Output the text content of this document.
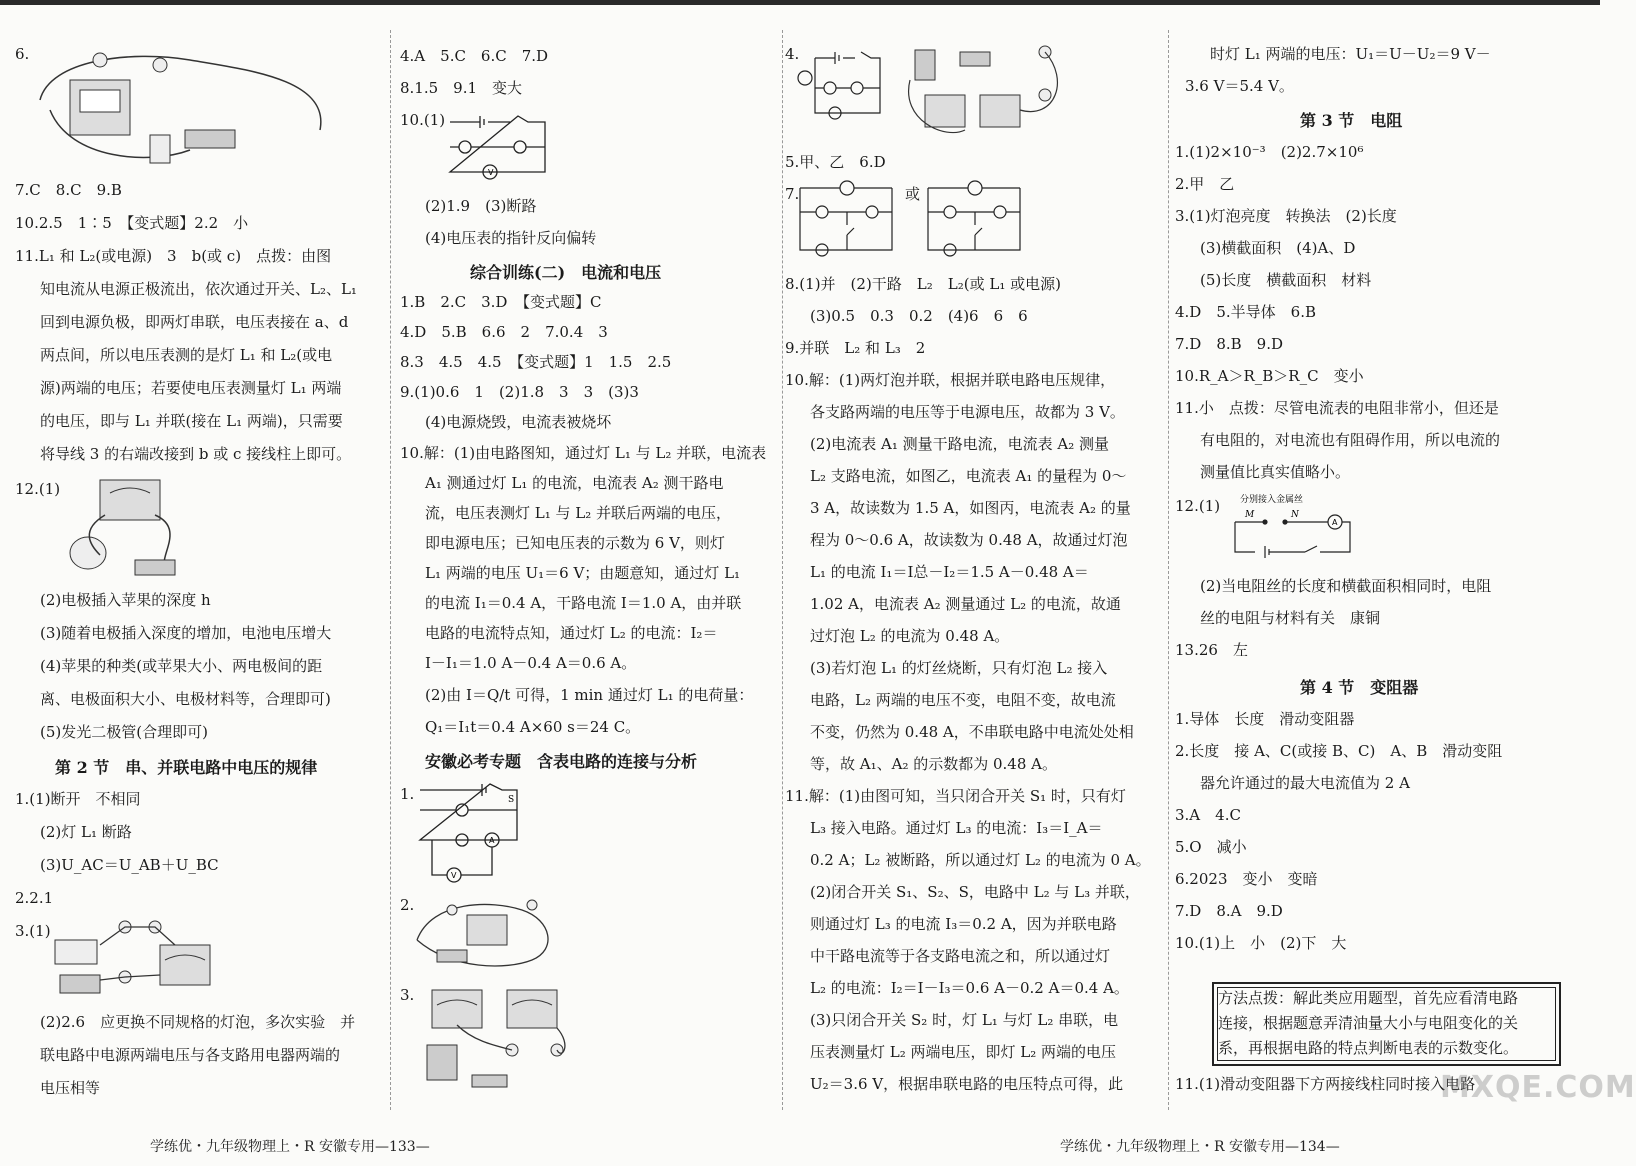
6.
7.C　8.C　9.B
10.2.5　1∶5　【变式题】2.2　小
11.L₁ 和 L₂(或电源)　3　b(或 c)　点拨：由图
知电流从电源正极流出，依次通过开关、L₂、L₁
回到电源负极，即两灯串联，电压表接在 a、d
两点间，所以电压表测的是灯 L₁ 和 L₂(或电
源)两端的电压；若要使电压表测量灯 L₁ 两端
的电压，即与 L₁ 并联(接在 L₁ 两端)，只需要
将导线 3 的右端改接到 b 或 c 接线柱上即可。
12.(1)
(2)电极插入苹果的深度 h
(3)随着电极插入深度的增加，电池电压增大
(4)苹果的种类(或苹果大小、两电极间的距
离、电极面积大小、电极材料等，合理即可)
(5)发光二极管(合理即可)
第 2 节　串、并联电路中电压的规律
1.(1)断开　不相同
(2)灯 L₁ 断路
(3)U_AC＝U_AB＋U_BC
2.2.1
3.(1)
(2)2.6　应更换不同规格的灯泡，多次实验　并
联电路中电源两端电压与各支路用电器两端的
电压相等
4.A　5.C　6.C　7.D
8.1.5　9.1　变大
10.(1)
V
(2)1.9　(3)断路
(4)电压表的指针反向偏转
综合训练(二)　电流和电压
1.B　2.C　3.D　【变式题】C
4.D　5.B　6.6　2　7.0.4　3
8.3　4.5　4.5　【变式题】1　1.5　2.5
9.(1)0.6　1　(2)1.8　3　3　(3)3
(4)电源烧毁，电流表被烧坏
10.解：(1)由电路图知，通过灯 L₁ 与 L₂ 并联，电流表
A₁ 测通过灯 L₁ 的电流，电流表 A₂ 测干路电
流，电压表测灯 L₁ 与 L₂ 并联后两端的电压，
即电源电压；已知电压表的示数为 6 V，则灯
L₁ 两端的电压 U₁＝6 V；由题意知，通过灯 L₁
的电流 I₁＝0.4 A，干路电流 I＝1.0 A，由并联
电路的电流特点知，通过灯 L₂ 的电流：I₂＝
I－I₁＝1.0 A－0.4 A＝0.6 A。
(2)由 I＝Q/t 可得，1 min 通过灯 L₁ 的电荷量：
Q₁＝I₁t＝0.4 A×60 s＝24 C。
安徽必考专题　含表电路的连接与分析
1.	S
A
V
2.
3.
4.
5.甲、乙　6.D
7.	或
8.(1)并　(2)干路　L₂　L₂(或 L₁ 或电源)
(3)0.5　0.3　0.2　(4)6　6　6
9.并联　L₂ 和 L₃　2
10.解：(1)两灯泡并联，根据并联电路电压规律，
各支路两端的电压等于电源电压，故都为 3 V。
(2)电流表 A₁ 测量干路电流，电流表 A₂ 测量
L₂ 支路电流，如图乙，电流表 A₁ 的量程为 0～
3 A，故读数为 1.5 A，如图丙，电流表 A₂ 的量
程为 0～0.6 A，故读数为 0.48 A，故通过灯泡
L₁ 的电流 I₁＝I总－I₂＝1.5 A－0.48 A＝
1.02 A，电流表 A₂ 测量通过 L₂ 的电流，故通
过灯泡 L₂ 的电流为 0.48 A。
(3)若灯泡 L₁ 的灯丝烧断，只有灯泡 L₂ 接入
电路，L₂ 两端的电压不变，电阻不变，故电流
不变，仍然为 0.48 A，不串联电路中电流处处相
等，故 A₁、A₂ 的示数都为 0.48 A。
11.解：(1)由图可知，当只闭合开关 S₁ 时，只有灯
L₃ 接入电路。通过灯 L₃ 的电流：I₃＝I_A＝
0.2 A；L₂ 被断路，所以通过灯 L₂ 的电流为 0 A。
(2)闭合开关 S₁、S₂、S，电路中 L₂ 与 L₃ 并联，
则通过灯 L₃ 的电流 I₃＝0.2 A，因为并联电路
中干路电流等于各支路电流之和，所以通过灯
L₂ 的电流：I₂＝I－I₃＝0.6 A－0.2 A＝0.4 A。
(3)只闭合开关 S₂ 时，灯 L₁ 与灯 L₂ 串联，电
压表测量灯 L₂ 两端电压，即灯 L₂ 两端的电压
U₂＝3.6 V，根据串联电路的电压特点可得，此
时灯 L₁ 两端的电压：U₁＝U－U₂＝9 V－
3.6 V＝5.4 V。
第 3 节　电阻
1.(1)2×10⁻³　(2)2.7×10⁶
2.甲　乙
3.(1)灯泡亮度　转换法　(2)长度
(3)横截面积　(4)A、D
(5)长度　横截面积　材料
4.D　5.半导体　6.B
7.D　8.B　9.D
10.R_A＞R_B＞R_C　变小
11.小　点拨：尽管电流表的电阻非常小，但还是
有电阻的，对电流也有阻碍作用，所以电流的
测量值比真实值略小。
12.(1) 分别接入金属丝
M	N
A
(2)当电阻丝的长度和横截面积相同时，电阻
丝的电阻与材料有关　康铜
13.26　左
第 4 节　变阻器
1.导体　长度　滑动变阻器
2.长度　接 A、C(或接 B、C)　A、B　滑动变阻
器允许通过的最大电流值为 2 A
3.A　4.C
5.O　减小
6.2023　变小　变暗
7.D　8.A　9.D
10.(1)上　小　(2)下　大
方法点拨：解此类应用题型，首先应看清电路
连接，根据题意弄清油量大小与电阻变化的关
系，再根据电路的特点判断电表的示数变化。
11.(1)滑动变阻器下方两接线柱同时接入电路
学练优・九年级物理上・R 安徽专用—133—	学练优・九年级物理上・R 安徽专用—134—
MXQE.COM
